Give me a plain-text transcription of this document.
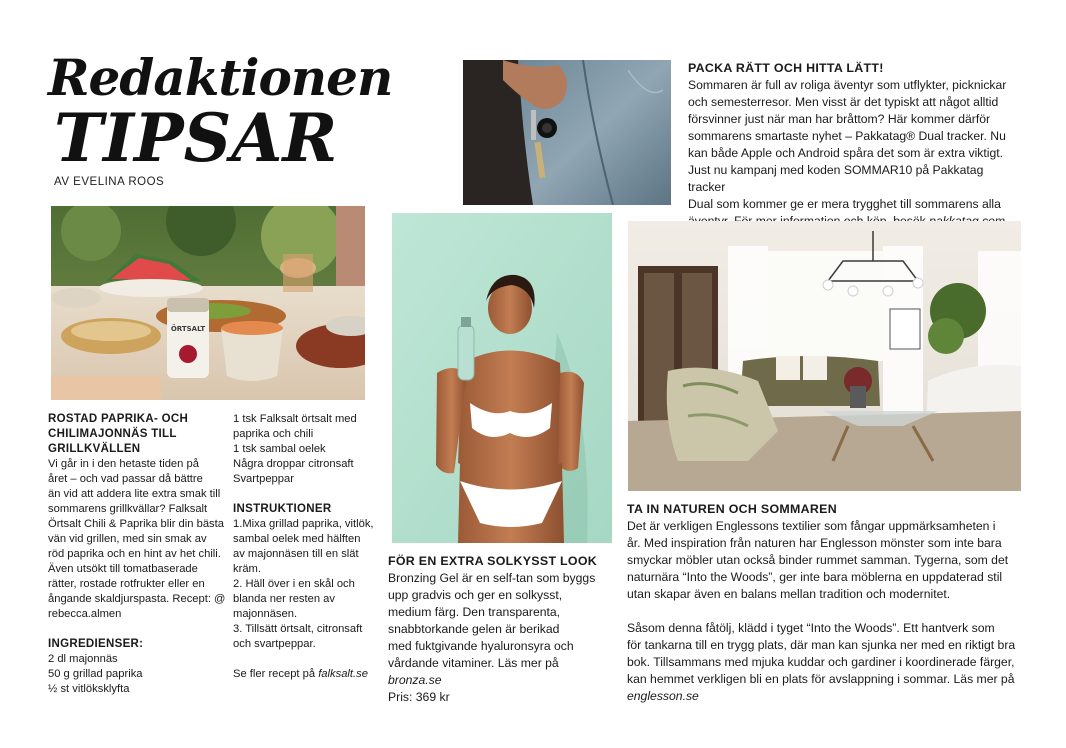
Redaktionen
TIPSAR
AV EVELINA ROOS
PACKA RÄTT OCH HITTA LÄTT!
Sommaren är full av roliga äventyr som utflykter, picknickar
och semesterresor. Men visst är det typiskt att något alltid
försvinner just när man har bråttom? Här kommer därför
sommarens smartaste nyhet – Pakkatag® Dual tracker. Nu
kan både Apple och Android spåra det som är extra viktigt.
Just nu kampanj med koden SOMMAR10 på Pakkatag tracker
Dual som kommer ge er mera trygghet till sommarens alla
ÖRTSALT
ROSTAD PAPRIKA- OCH
CHILIMAJONNÄS TILL
GRILLKVÄLLEN
Vi går in i den hetaste tiden på
året – och vad passar då bättre
än vid att addera lite extra smak till
sommarens grillkvällar? Falksalt
Örtsalt Chili & Paprika blir din bästa
vän vid grillen, med sin smak av
röd paprika och en hint av het chili.
Även utsökt till tomatbaserade
rätter, rostade rotfrukter eller en
ångande skaldjurspasta. Recept: @
rebecca.almen
INGREDIENSER:
2 dl majonnäs
50 g grillad paprika
½ st vitlöksklyfta
1 tsk Falksalt örtsalt med
paprika och chili
1 tsk sambal oelek
Några droppar citronsaft
Svartpeppar
INSTRUKTIONER
1.Mixa grillad paprika, vitlök,
sambal oelek med hälften
av majonnäsen till en slät
kräm.
2. Häll över i en skål och
blanda ner resten av
majonnäsen.
3. Tillsätt örtsalt, citronsaft
och svartpeppar.
Se fler recept på falksalt.se
FÖR EN EXTRA SOLKYSST LOOK
Bronzing Gel är en self-tan som byggs
upp gradvis och ger en solkysst,
medium färg. Den transparenta,
snabbtorkande gelen är berikad
med fuktgivande hyaluronsyra och
vårdande vitaminer. Läs mer på
bronza.se
Pris: 369 kr
TA IN NATUREN OCH SOMMAREN
Det är verkligen Englessons textilier som fångar uppmärksamheten i
år. Med inspiration från naturen har Englesson mönster som inte bara
smyckar möbler utan också binder rummet samman. Tygerna, som det
naturnära “Into the Woods”, ger inte bara möblerna en uppdaterad stil
utan skapar även en balans mellan tradition och modernitet.
Såsom denna fåtölj, klädd i tyget “Into the Woods”. Ett hantverk som
för tankarna till en trygg plats, där man kan sjunka ner med en riktigt bra
bok. Tillsammans med mjuka kuddar och gardiner i koordinerade färger,
kan hemmet verkligen bli en plats för avslappning i sommar. Läs mer på
englesson.se
